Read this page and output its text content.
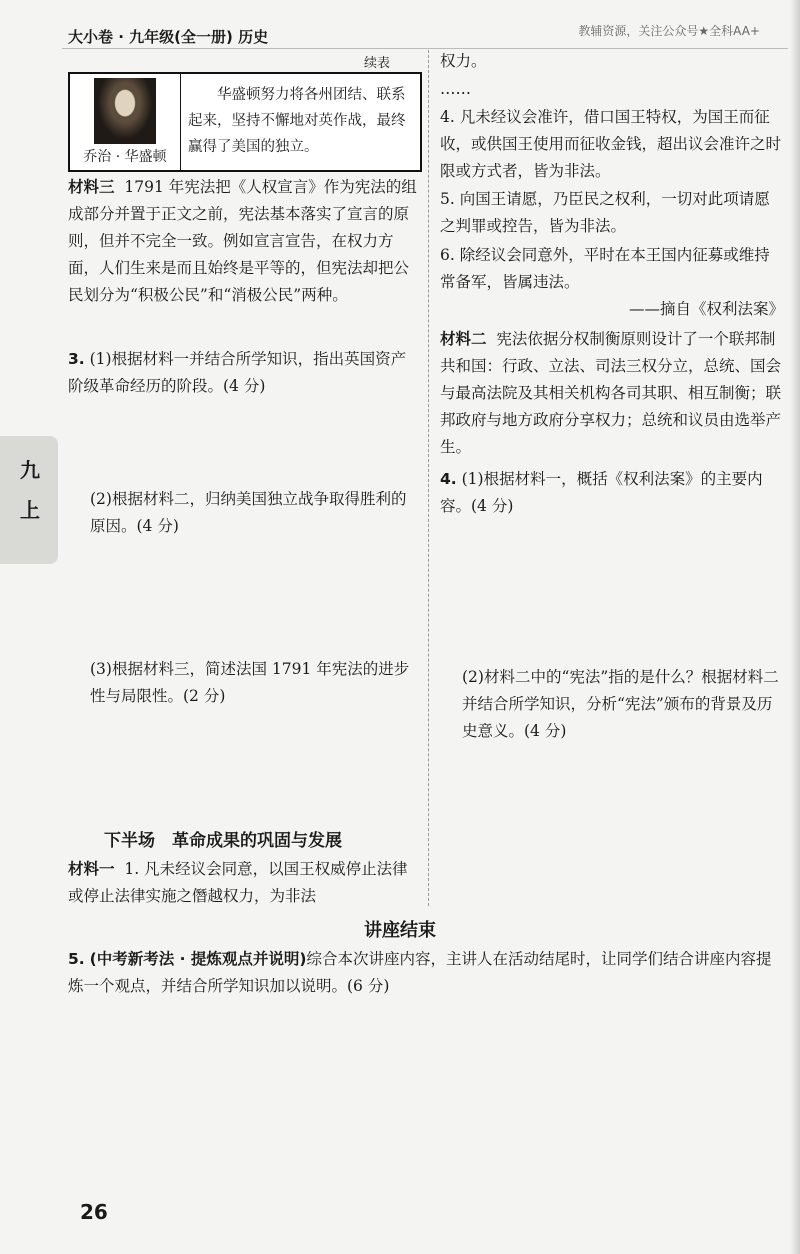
大小卷 · 九年级(全一册) 历史	教辅资源，关注公众号★全科AA+
续表
乔治 · 华盛顿
华盛顿努力将各州团结、联系起来，坚持不懈地对英作战，最终赢得了美国的独立。
材料三 1791 年宪法把《人权宣言》作为宪法的组成部分并置于正文之前，宪法基本落实了宣言的原则，但并不完全一致。例如宣言宣告，在权力方面，人们生来是而且始终是平等的，但宪法却把公民划分为“积极公民”和“消极公民”两种。
3. (1)根据材料一并结合所学知识，指出英国资产阶级革命经历的阶段。(4 分)
(2)根据材料二，归纳美国独立战争取得胜利的原因。(4 分)
(3)根据材料三，简述法国 1791 年宪法的进步性与局限性。(2 分)
下半场　革命成果的巩固与发展
材料一 1. 凡未经议会同意，以国王权威停止法律或停止法律实施之僭越权力，为非法
权力。
……
4. 凡未经议会准许，借口国王特权，为国王而征收，或供国王使用而征收金钱，超出议会准许之时限或方式者，皆为非法。
5. 向国王请愿，乃臣民之权利，一切对此项请愿之判罪或控告，皆为非法。
6. 除经议会同意外，平时在本王国内征募或维持常备军，皆属违法。
——摘自《权利法案》
材料二 宪法依据分权制衡原则设计了一个联邦制共和国：行政、立法、司法三权分立，总统、国会与最高法院及其相关机构各司其职、相互制衡；联邦政府与地方政府分享权力；总统和议员由选举产生。
4. (1)根据材料一，概括《权利法案》的主要内容。(4 分)
(2)材料二中的“宪法”指的是什么？根据材料二并结合所学知识，分析“宪法”颁布的背景及历史意义。(4 分)
讲座结束
5. (中考新考法 · 提炼观点并说明)综合本次讲座内容，主讲人在活动结尾时，让同学们结合讲座内容提炼一个观点，并结合所学知识加以说明。(6 分)
九
上
26
